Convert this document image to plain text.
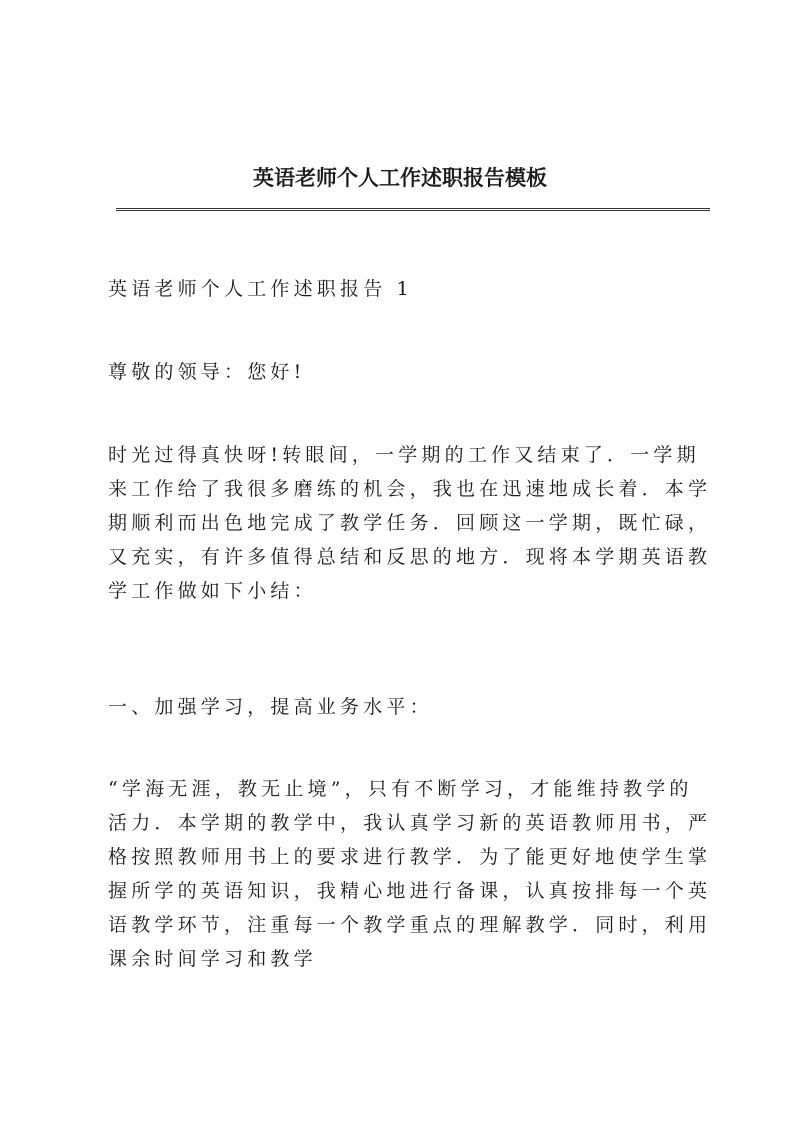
英语老师个人工作述职报告模板

英语老师个人工作述职报告 1

尊敬的领导：您好!

时光过得真快呀!转眼间，一学期的工作又结束了．一学期来工作给了我很多磨练的机会，我也在迅速地成长着．本学期顺利而出色地完成了教学任务．回顾这一学期，既忙碌，又充实，有许多值得总结和反思的地方．现将本学期英语教学工作做如下小结：

一、加强学习，提高业务水平：

“学海无涯，教无止境”，只有不断学习，才能维持教学的活力．本学期的教学中，我认真学习新的英语教师用书，严格按照教师用书上的要求进行教学．为了能更好地使学生掌握所学的英语知识，我精心地进行备课，认真按排每一个英语教学环节，注重每一个教学重点的理解教学．同时，利用课余时间学习和教学
